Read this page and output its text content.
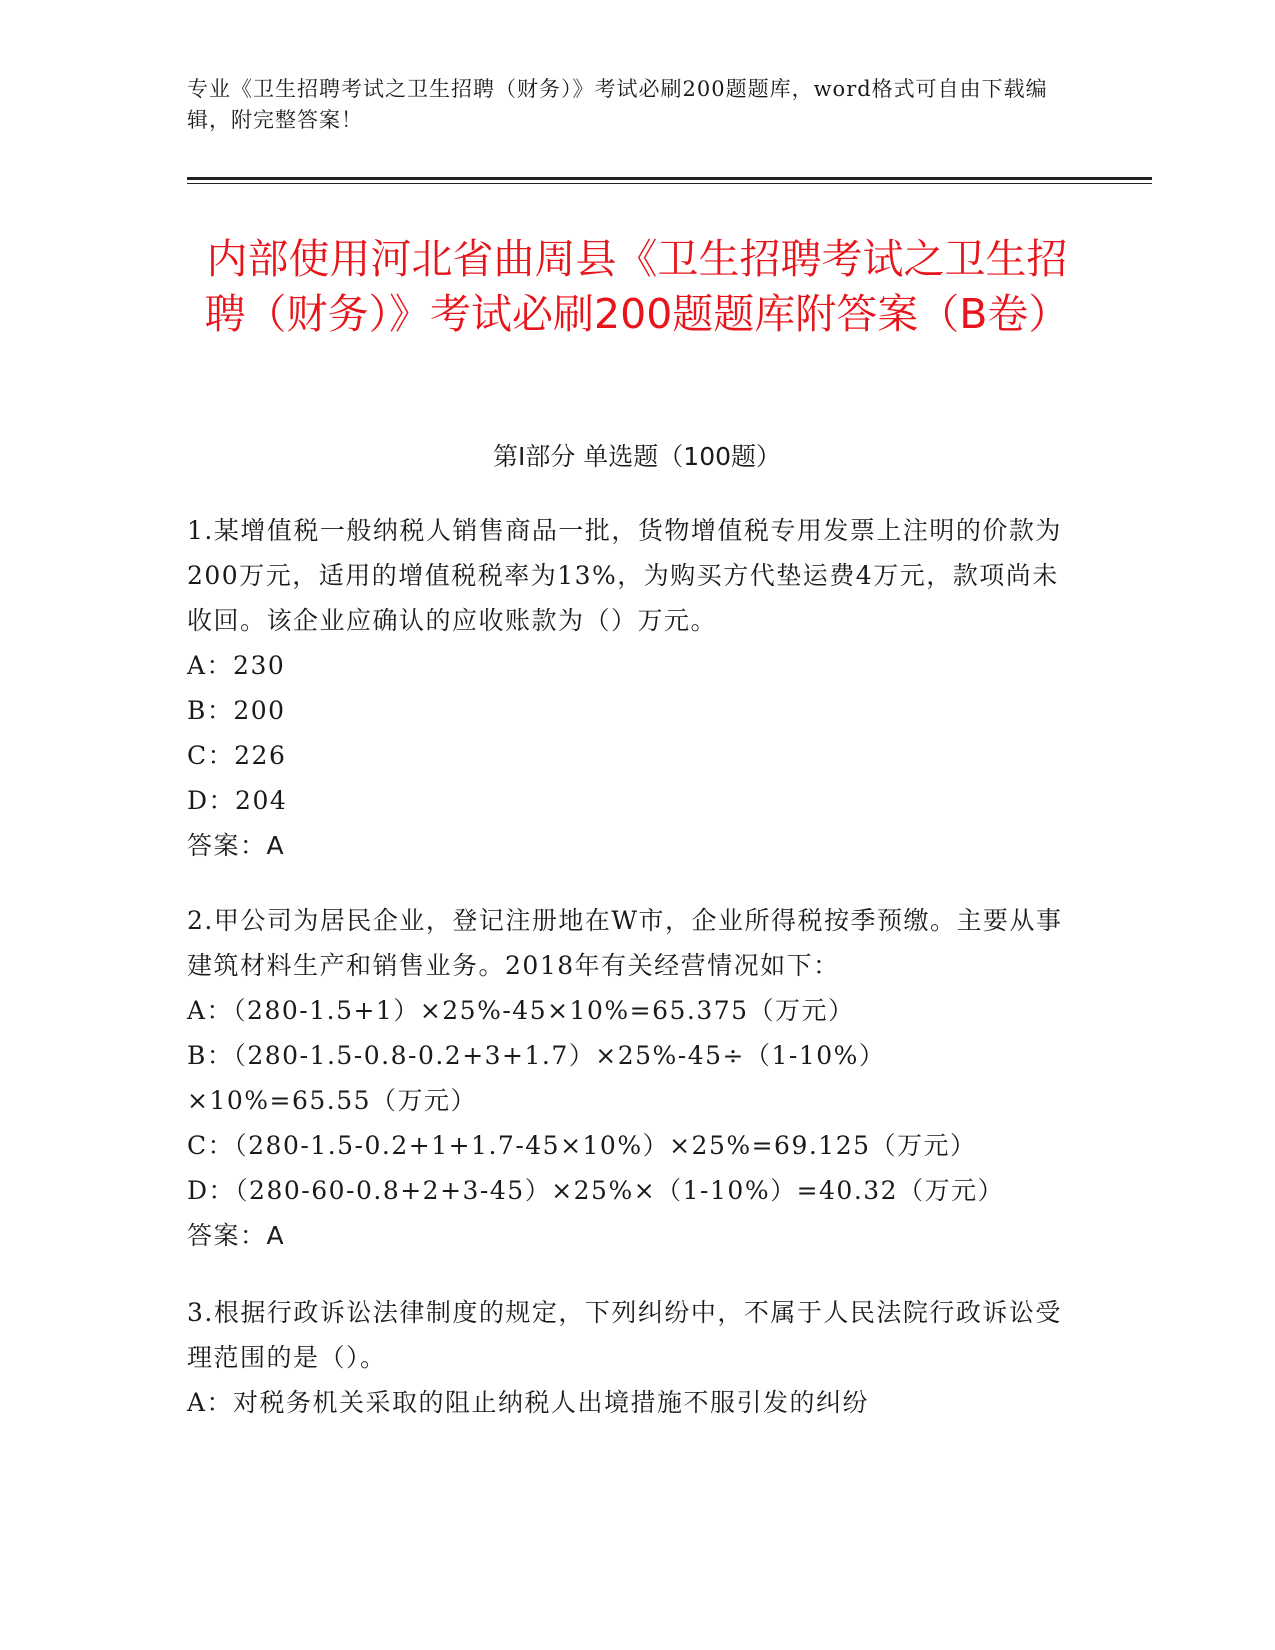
专业《卫生招聘考试之卫生招聘（财务）》考试必刷200题题库，word格式可自由下载编辑，附完整答案！
内部使用河北省曲周县《卫生招聘考试之卫生招聘（财务）》考试必刷200题题库附答案（B卷）
第Ⅰ部分 单选题（100题）
1.某增值税一般纳税人销售商品一批，货物增值税专用发票上注明的价款为200万元，适用的增值税税率为13%，为购买方代垫运费4万元，款项尚未收回。该企业应确认的应收账款为（）万元。
A：230
B：200
C：226
D：204
答案：A
2.甲公司为居民企业，登记注册地在W市，企业所得税按季预缴。主要从事建筑材料生产和销售业务。2018年有关经营情况如下：
A：（280-1.5+1）×25%-45×10%=65.375（万元）
B：（280-1.5-0.8-0.2+3+1.7）×25%-45÷（1-10%）×10%=65.55（万元）
C：（280-1.5-0.2+1+1.7-45×10%）×25%=69.125（万元）
D：（280-60-0.8+2+3-45）×25%×（1-10%）=40.32（万元）
答案：A
3.根据行政诉讼法律制度的规定，下列纠纷中，不属于人民法院行政诉讼受理范围的是（）。
A：对税务机关采取的阻止纳税人出境措施不服引发的纠纷
